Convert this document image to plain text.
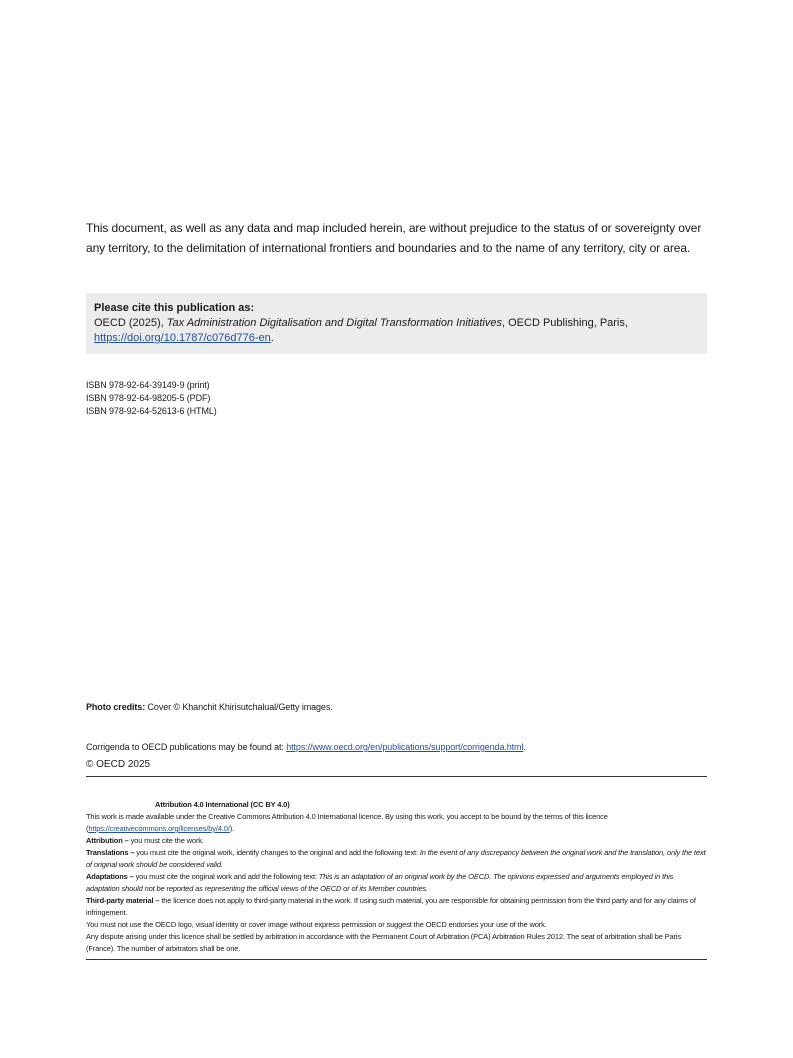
This document, as well as any data and map included herein, are without prejudice to the status of or sovereignty over any territory, to the delimitation of international frontiers and boundaries and to the name of any territory, city or area.
Please cite this publication as:
OECD (2025), Tax Administration Digitalisation and Digital Transformation Initiatives, OECD Publishing, Paris,
https://doi.org/10.1787/c076d776-en.
ISBN 978-92-64-39149-9 (print)
ISBN 978-92-64-98205-5 (PDF)
ISBN 978-92-64-52613-6 (HTML)
Photo credits: Cover © Khanchit Khirisutchalual/Getty images.
Corrigenda to OECD publications may be found at: https://www.oecd.org/en/publications/support/corrigenda.html.
© OECD 2025
Attribution 4.0 International (CC BY 4.0)

This work is made available under the Creative Commons Attribution 4.0 International licence. By using this work, you accept to be bound by the terms of this licence (https://creativecommons.org/licenses/by/4.0/).

Attribution – you must cite the work.

Translations – you must cite the original work, identify changes to the original and add the following text: In the event of any discrepancy between the original work and the translation, only the text of original work should be considered valid.

Adaptations – you must cite the original work and add the following text: This is an adaptation of an original work by the OECD. The opinions expressed and arguments employed in this adaptation should not be reported as representing the official views of the OECD or of its Member countries.

Third-party material – the licence does not apply to third-party material in the work. If using such material, you are responsible for obtaining permission from the third party and for any claims of infringement.

You must not use the OECD logo, visual identity or cover image without express permission or suggest the OECD endorses your use of the work.

Any dispute arising under this licence shall be settled by arbitration in accordance with the Permanent Court of Arbitration (PCA) Arbitration Rules 2012. The seat of arbitration shall be Paris (France). The number of arbitrators shall be one.
